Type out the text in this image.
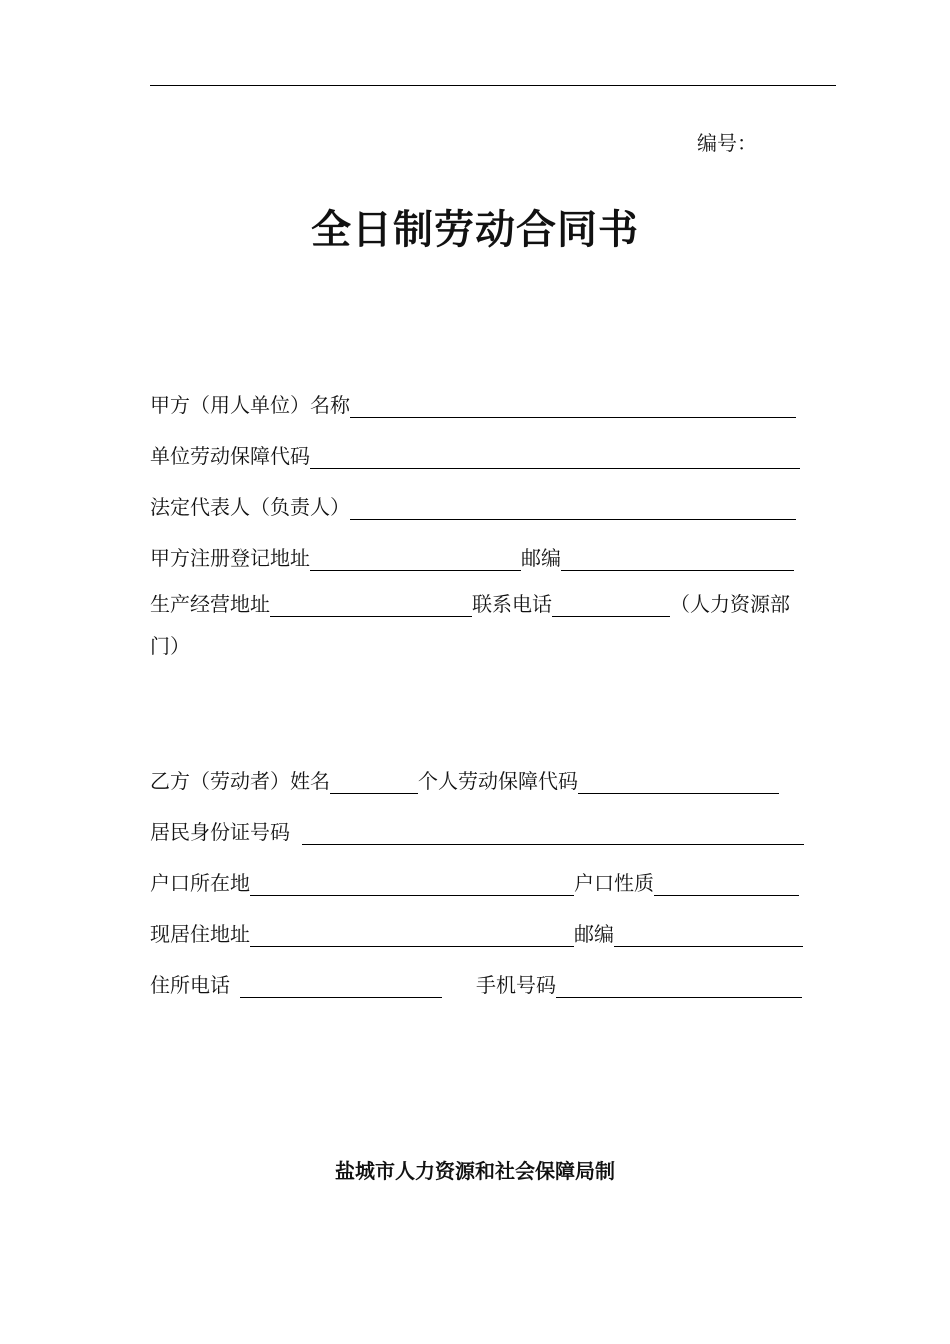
编号：
全日制劳动合同书
甲方（用人单位）名称
单位劳动保障代码
法定代表人（负责人）
甲方注册登记地址	邮编
生产经营地址	联系电话	（人力资源部
门）
乙方（劳动者）姓名	个人劳动保障代码
居民身份证号码
户口所在地	户口性质
现居住地址	邮编
住所电话	手机号码
盐城市人力资源和社会保障局制
